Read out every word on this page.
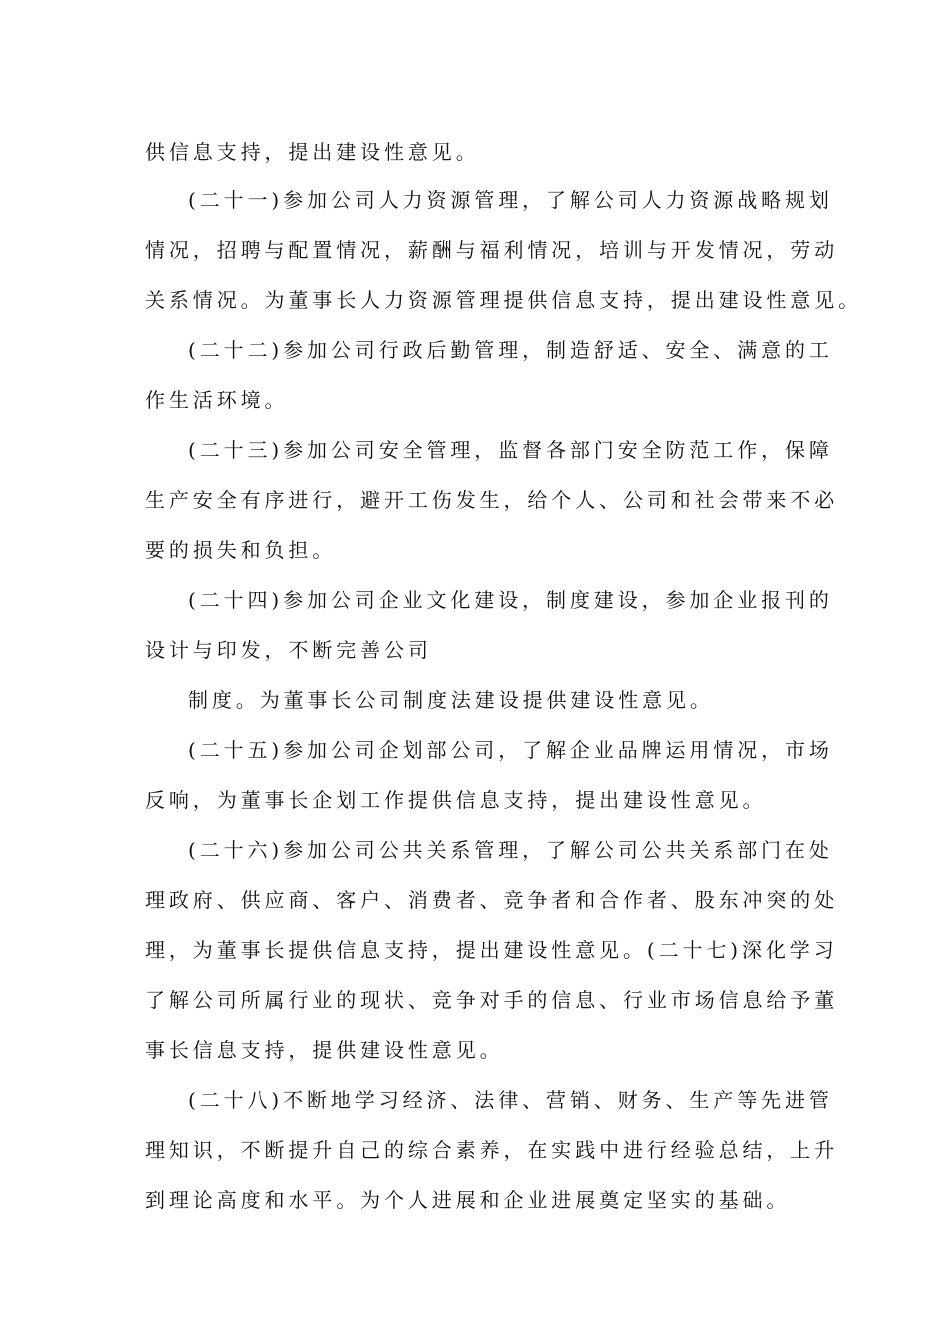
供信息支持，提出建设性意见。
(二十一)参加公司人力资源管理，了解公司人力资源战略规划
情况，招聘与配置情况，薪酬与福利情况，培训与开发情况，劳动
关系情况。为董事长人力资源管理提供信息支持，提出建设性意见。
(二十二)参加公司行政后勤管理，制造舒适、安全、满意的工
作生活环境。
(二十三)参加公司安全管理，监督各部门安全防范工作，保障
生产安全有序进行，避开工伤发生，给个人、公司和社会带来不必
要的损失和负担。
(二十四)参加公司企业文化建设，制度建设，参加企业报刊的
设计与印发，不断完善公司
制度。为董事长公司制度法建设提供建设性意见。
(二十五)参加公司企划部公司，了解企业品牌运用情况，市场
反响，为董事长企划工作提供信息支持，提出建设性意见。
(二十六)参加公司公共关系管理，了解公司公共关系部门在处
理政府、供应商、客户、消费者、竞争者和合作者、股东冲突的处
理，为董事长提供信息支持，提出建设性意见。(二十七)深化学习
了解公司所属行业的现状、竞争对手的信息、行业市场信息给予董
事长信息支持，提供建设性意见。
(二十八)不断地学习经济、法律、营销、财务、生产等先进管
理知识，不断提升自己的综合素养，在实践中进行经验总结，上升
到理论高度和水平。为个人进展和企业进展奠定坚实的基础。
